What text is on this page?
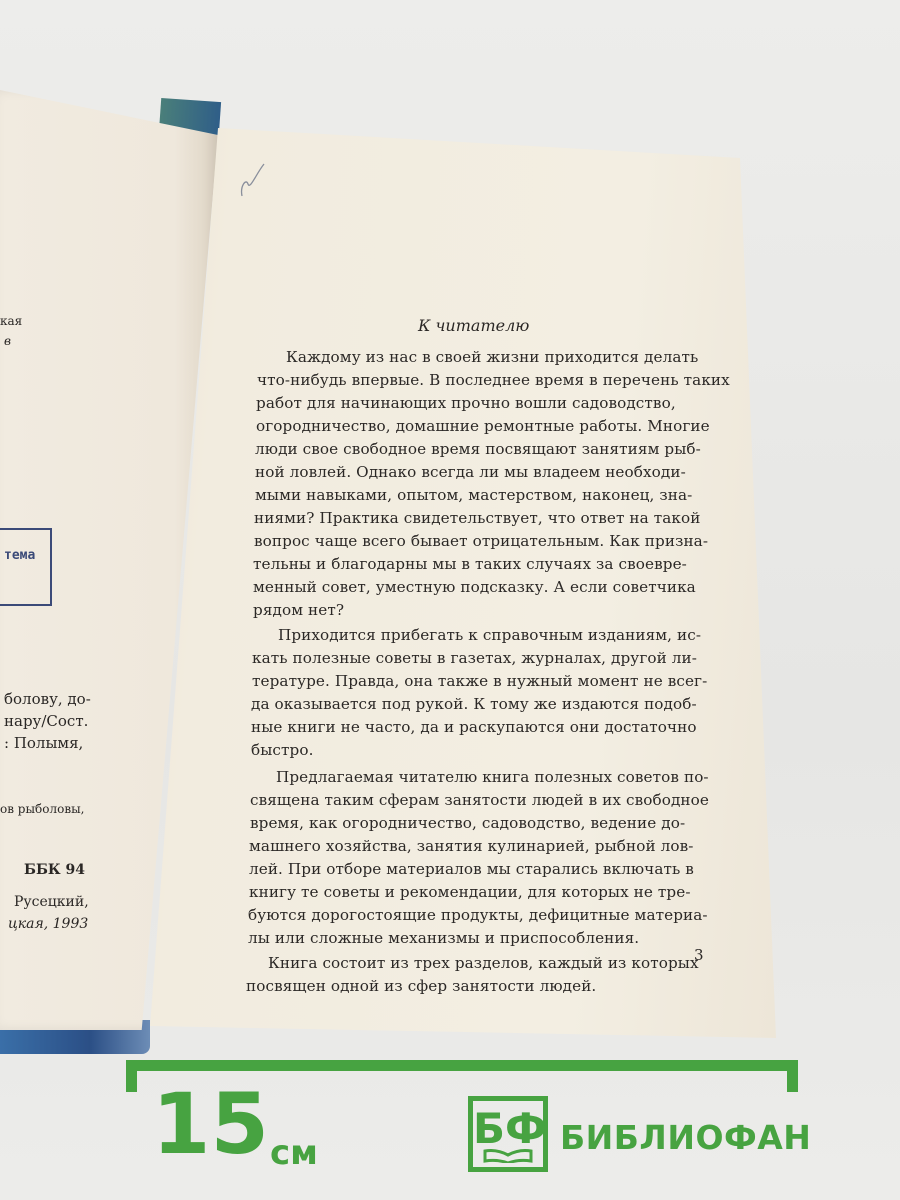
кая
в
тема
болову, до-
нару/Сост.
: Полымя,
ов рыболовы,
ББК 94
Русецкий,
цкая, 1993
К читателю
Каждому из нас в своей жизни приходится делать
что-нибудь впервые. В последнее время в перечень таких
работ для начинающих прочно вошли садоводство,
огородничество, домашние ремонтные работы. Многие
люди свое свободное время посвящают занятиям рыб-
ной ловлей. Однако всегда ли мы владеем необходи-
мыми навыками, опытом, мастерством, наконец, зна-
ниями? Практика свидетельствует, что ответ на такой
вопрос чаще всего бывает отрицательным. Как призна-
тельны и благодарны мы в таких случаях за своевре-
менный совет, уместную подсказку. А если советчика
рядом нет?
Приходится прибегать к справочным изданиям, ис-
кать полезные советы в газетах, журналах, другой ли-
тературе. Правда, она также в нужный момент не всег-
да оказывается под рукой. К тому же издаются подоб-
ные книги не часто, да и раскупаются они достаточно
быстро.
Предлагаемая читателю книга полезных советов по-
священа таким сферам занятости людей в их свободное
время, как огородничество, садоводство, ведение до-
машнего хозяйства, занятия кулинарией, рыбной лов-
лей. При отборе материалов мы старались включать в
книгу те советы и рекомендации, для которых не тре-
буются дорогостоящие продукты, дефицитные материа-
лы или сложные механизмы и приспособления.
Книга состоит из трех разделов, каждый из которых
посвящен одной из сфер занятости людей.
3
15 см	БФ БИБЛИОФАН
